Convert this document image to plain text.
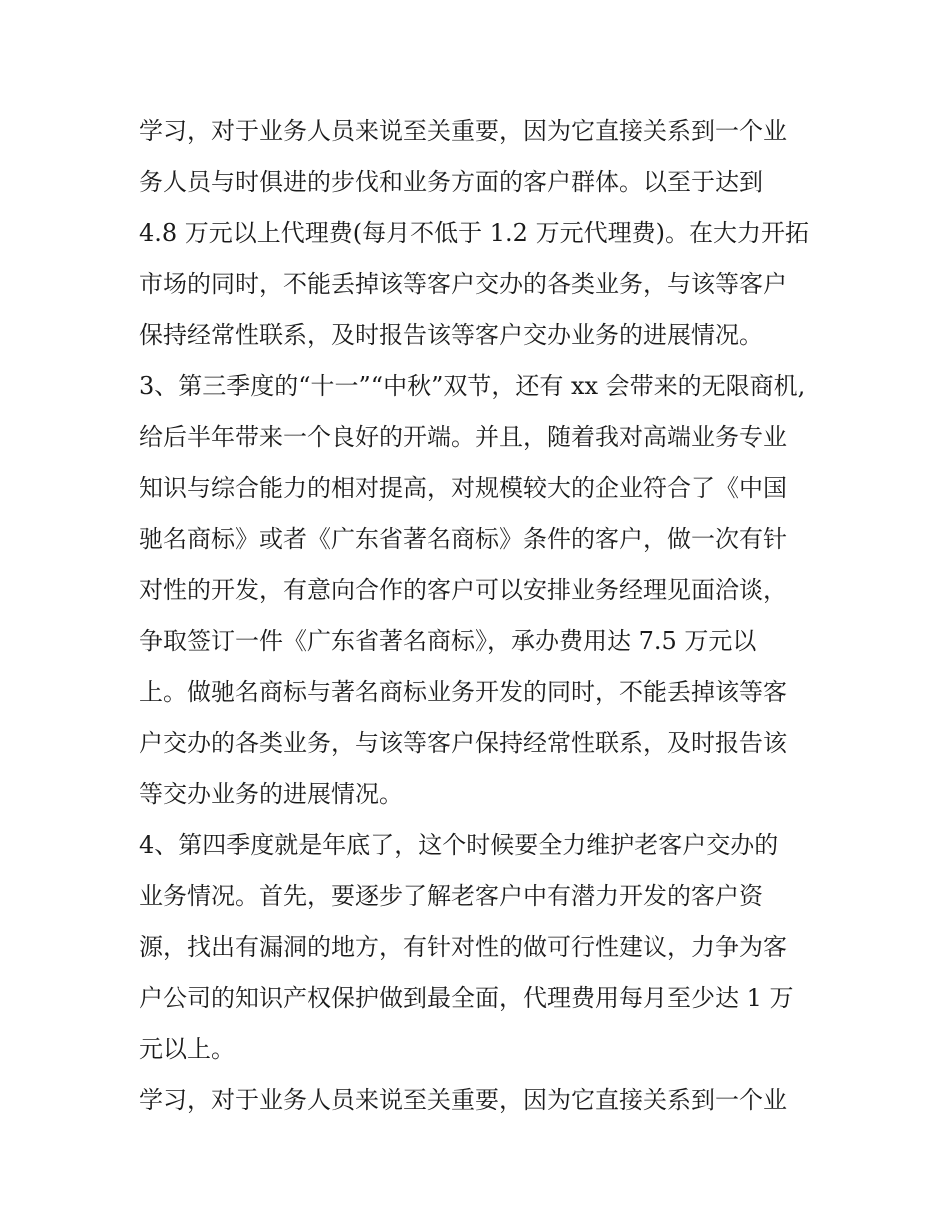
学习，对于业务人员来说至关重要，因为它直接关系到一个业
务人员与时俱进的步伐和业务方面的客户群体。以至于达到
4.8 万元以上代理费(每月不低于 1.2 万元代理费)。在大力开拓
市场的同时，不能丢掉该等客户交办的各类业务，与该等客户
保持经常性联系，及时报告该等客户交办业务的进展情况。
3、第三季度的“十一”“中秋”双节，还有 xx 会带来的无限商机,
给后半年带来一个良好的开端。并且，随着我对高端业务专业
知识与综合能力的相对提高，对规模较大的企业符合了《中国
驰名商标》或者《广东省著名商标》条件的客户，做一次有针
对性的开发，有意向合作的客户可以安排业务经理见面洽谈，
争取签订一件《广东省著名商标》，承办费用达 7.5 万元以
上。做驰名商标与著名商标业务开发的同时，不能丢掉该等客
户交办的各类业务，与该等客户保持经常性联系，及时报告该
等交办业务的进展情况。
4、第四季度就是年底了，这个时候要全力维护老客户交办的
业务情况。首先，要逐步了解老客户中有潜力开发的客户资
源，找出有漏洞的地方，有针对性的做可行性建议，力争为客
户公司的知识产权保护做到最全面，代理费用每月至少达 1 万
元以上。
学习，对于业务人员来说至关重要，因为它直接关系到一个业
